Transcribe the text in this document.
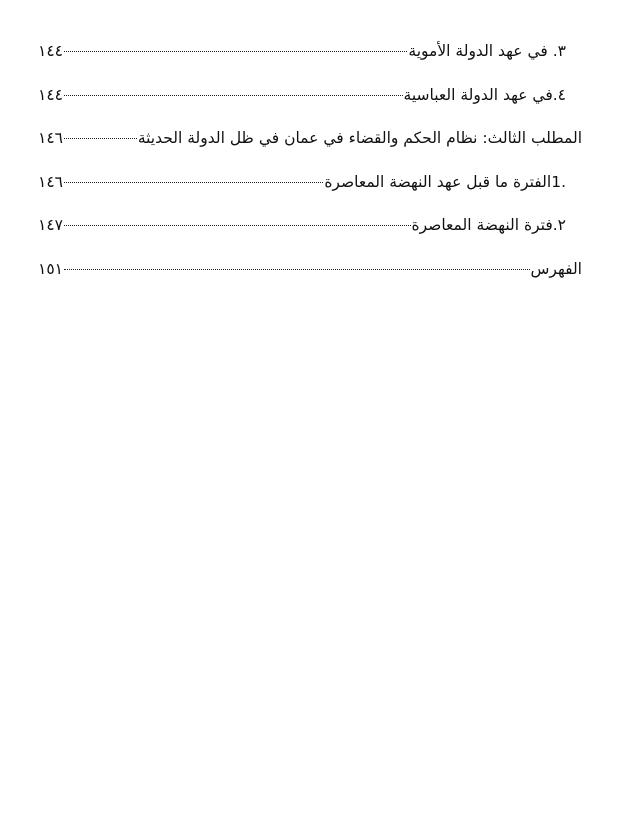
٣. في عهد الدولة الأموية
١٤٤
٤.في عهد الدولة العباسية
١٤٤
المطلب الثالث: نظام الحكم والقضاء في عمان في ظل الدولة الحديثة
١٤٦
.1الفترة ما قبل عهد النهضة المعاصرة
١٤٦
٢.فترة النهضة المعاصرة
١٤٧
الفهرس
١٥١
